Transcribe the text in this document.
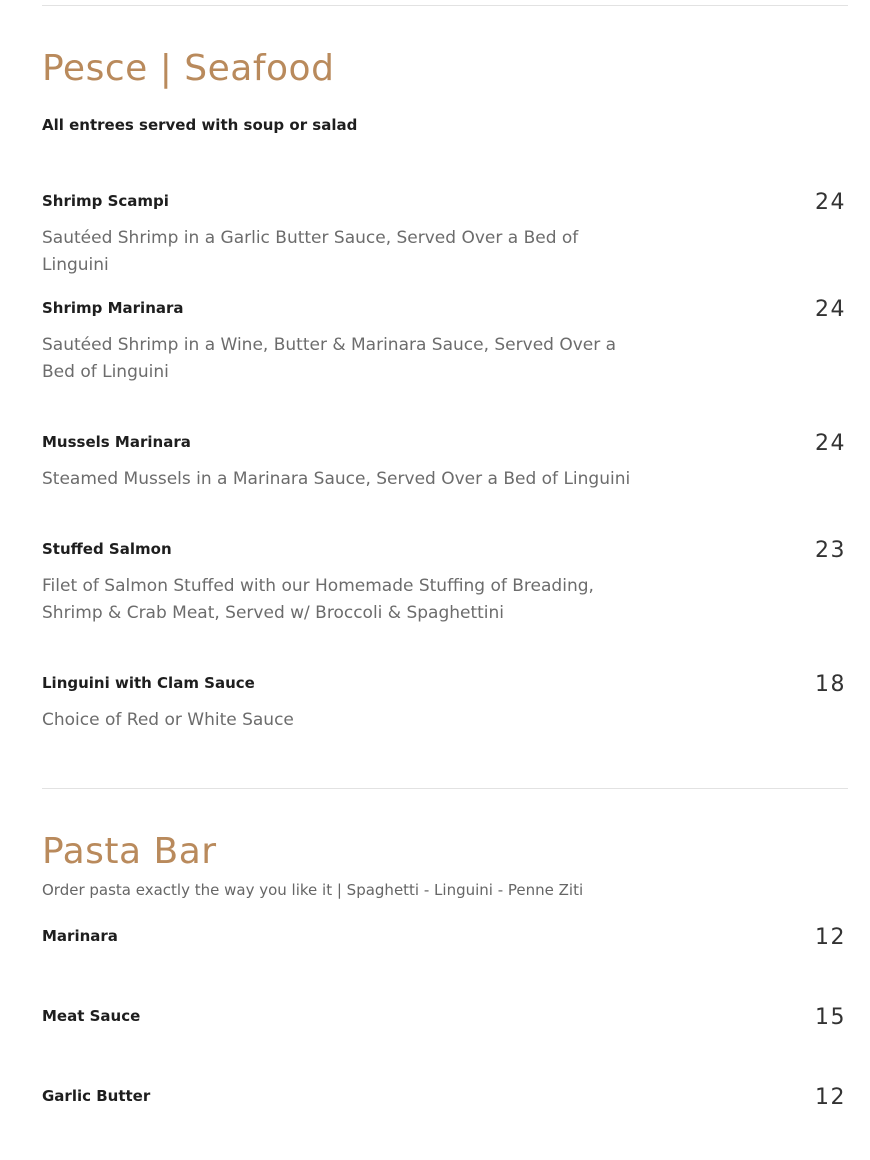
Pesce | Seafood

All entrees served with soup or salad

Shrimp Scampi	24

Sautéed Shrimp in a Garlic Butter Sauce, Served Over a Bed of Linguini

Shrimp Marinara	24

Sautéed Shrimp in a Wine, Butter & Marinara Sauce, Served Over a Bed of Linguini

Mussels Marinara	24

Steamed Mussels in a Marinara Sauce, Served Over a Bed of Linguini

Stuffed Salmon	23

Filet of Salmon Stuffed with our Homemade Stuffing of Breading, Shrimp & Crab Meat, Served w/ Broccoli & Spaghettini

Linguini with Clam Sauce	18

Choice of Red or White Sauce

Pasta Bar

Order pasta exactly the way you like it | Spaghetti - Linguini - Penne Ziti

Marinara	12

Meat Sauce	15

Garlic Butter	12
